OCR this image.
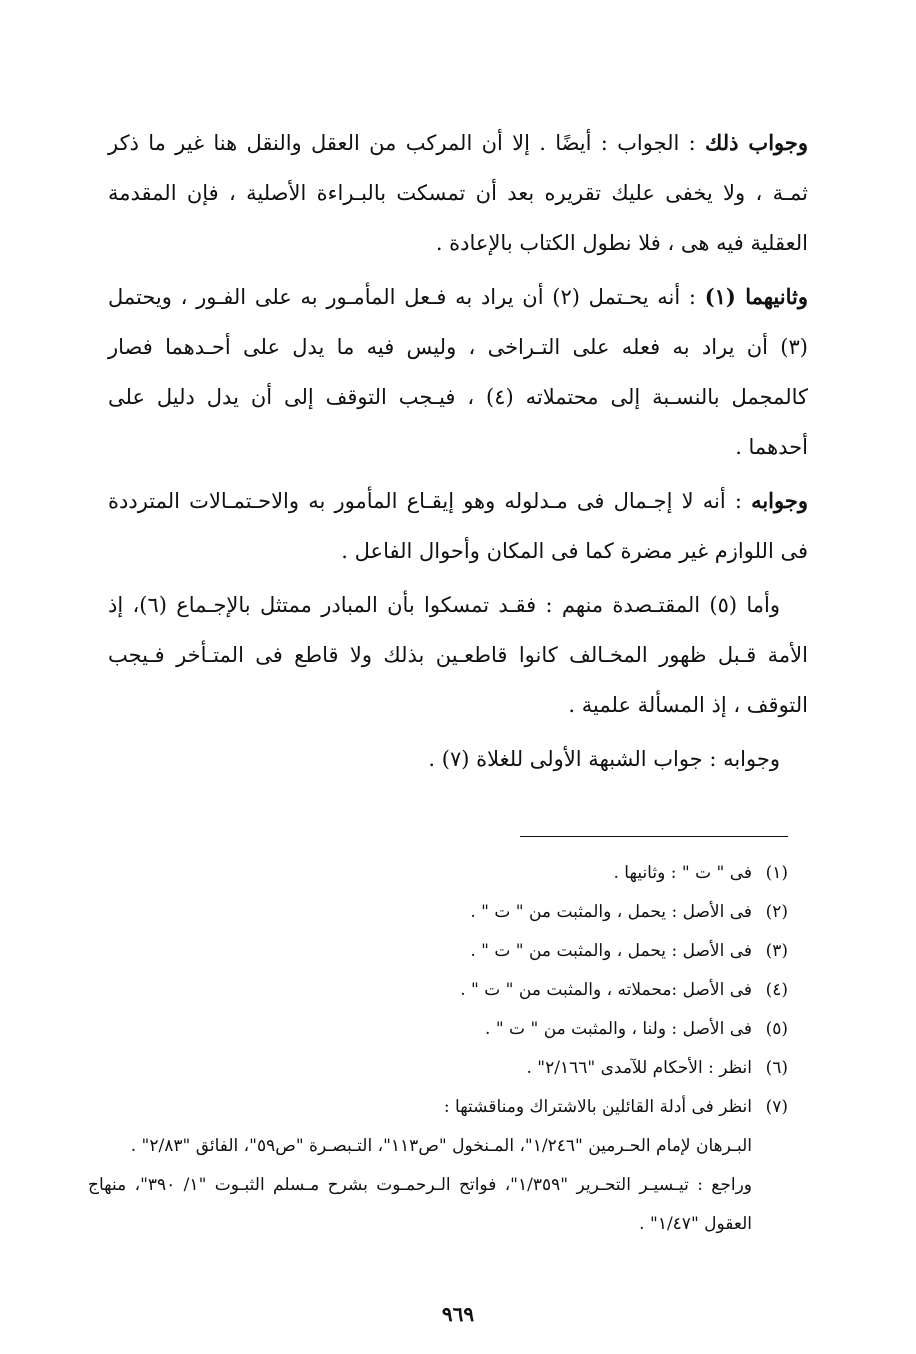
وجواب ذلك : الجواب : أيضًا . إلا أن المركب من العقل والنقل هنا غير ما ذكر ثمـة ، ولا يخفى عليك تقريره بعد أن تمسكت بالبـراءة الأصلية ، فإن المقدمة العقلية فيه هى ، فلا نطول الكتاب بالإعادة .

وثانيهما (١) : أنه يحـتمل (٢) أن يراد به فـعل المأمـور به على الفـور ، ويحتمل (٣) أن يراد به فعله على التـراخى ، وليس فيه ما يدل على أحـدهما فصار كالمجمل بالنسـبة إلى محتملاته (٤) ، فيـجب التوقف إلى أن يدل دليل على أحدهما .

وجوابه : أنه لا إجـمال فى مـدلوله وهو إيقـاع المأمور به والاحـتمـالات المترددة فى اللوازم غير مضرة كما فى المكان وأحوال الفاعل .

وأما (٥) المقتـصدة منهم : فقـد تمسكوا بأن المبادر ممتثل بالإجـماع (٦)، إذ الأمة قـبل ظهور المخـالف كانوا قاطعـين بذلك ولا قاطع فى المتـأخر فـيجب التوقف ، إذ المسألة علمية .

وجوابه : جواب الشبهة الأولى للغلاة (٧) .

(١)
فى " ت " : وثانيها .
(٢)
فى الأصل : يحمل ، والمثبت من " ت " .
(٣)
فى الأصل : يحمل ، والمثبت من " ت " .
(٤)
فى الأصل :محملاته ، والمثبت من " ت " .
(٥)
فى الأصل : ولنا ، والمثبت من " ت " .
(٦)
انظر : الأحكام للآمدى "٢/١٦٦" .
(٧)
انظر فى أدلة القائلين بالاشتراك ومناقشتها :
البـرهان لإمام الحـرمين "١/٢٤٦"، المـنخول "ص١١٣"، التـبصـرة "ص٥٩"، الفائق "٢/٨٣" .
وراجع : تيـسيـر التحـرير "١/٣٥٩"، فواتح الـرحمـوت بشرح مـسلم الثبـوت "١/ ٣٩٠"، منهاج العقول "١/٤٧" .
٩٦٩
